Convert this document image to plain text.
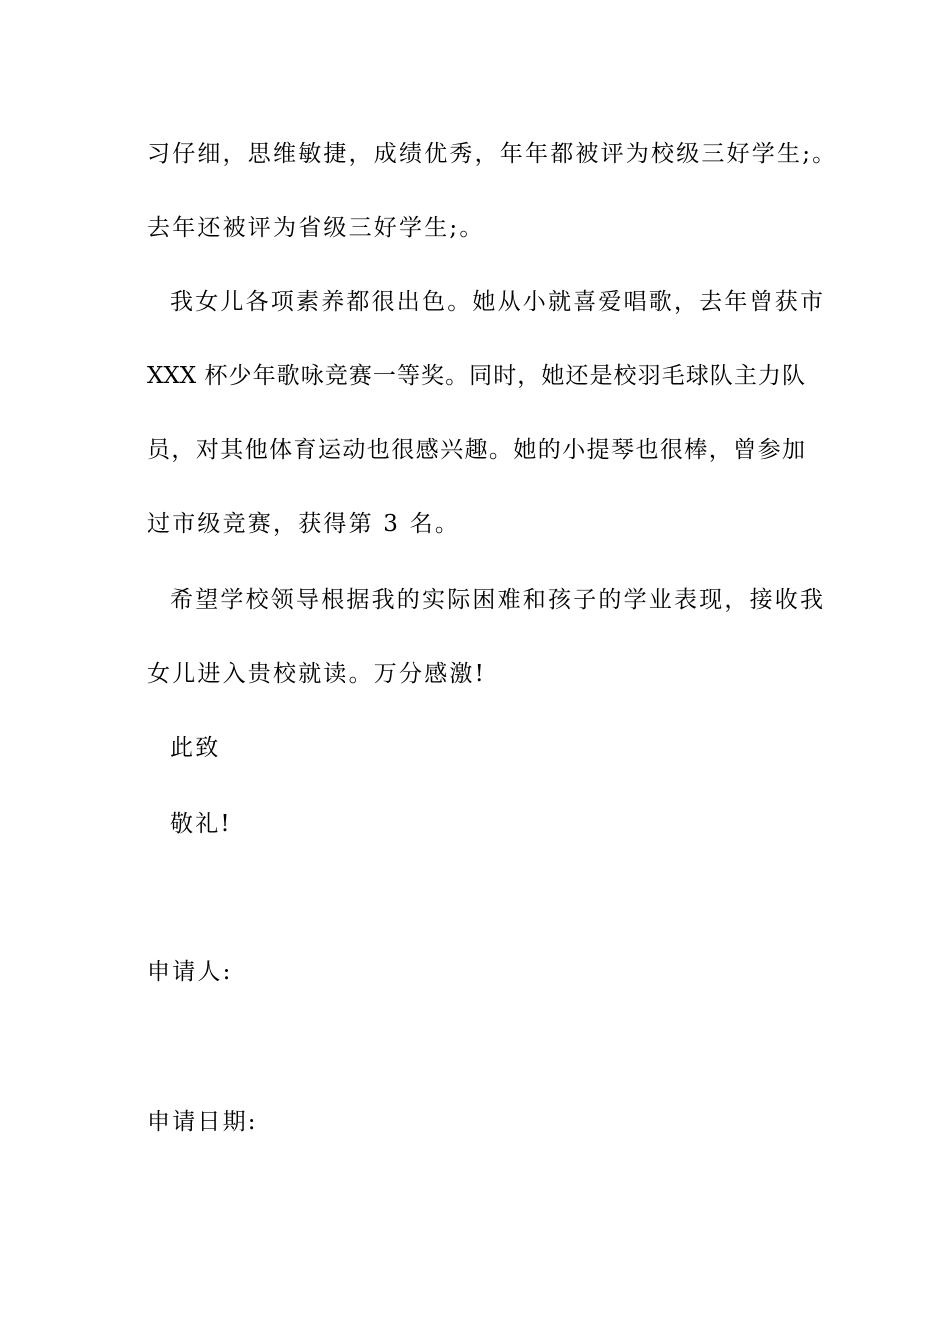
习仔细，思维敏捷，成绩优秀，年年都被评为校级三好学生;。
去年还被评为省级三好学生;。
我女儿各项素养都很出色。她从小就喜爱唱歌，去年曾获市
XXX 杯少年歌咏竞赛一等奖。同时，她还是校羽毛球队主力队
员，对其他体育运动也很感兴趣。她的小提琴也很棒，曾参加
过市级竞赛，获得第 3 名。
希望学校领导根据我的实际困难和孩子的学业表现，接收我
女儿进入贵校就读。万分感激!
此致
敬礼!
申请人:
申请日期:
